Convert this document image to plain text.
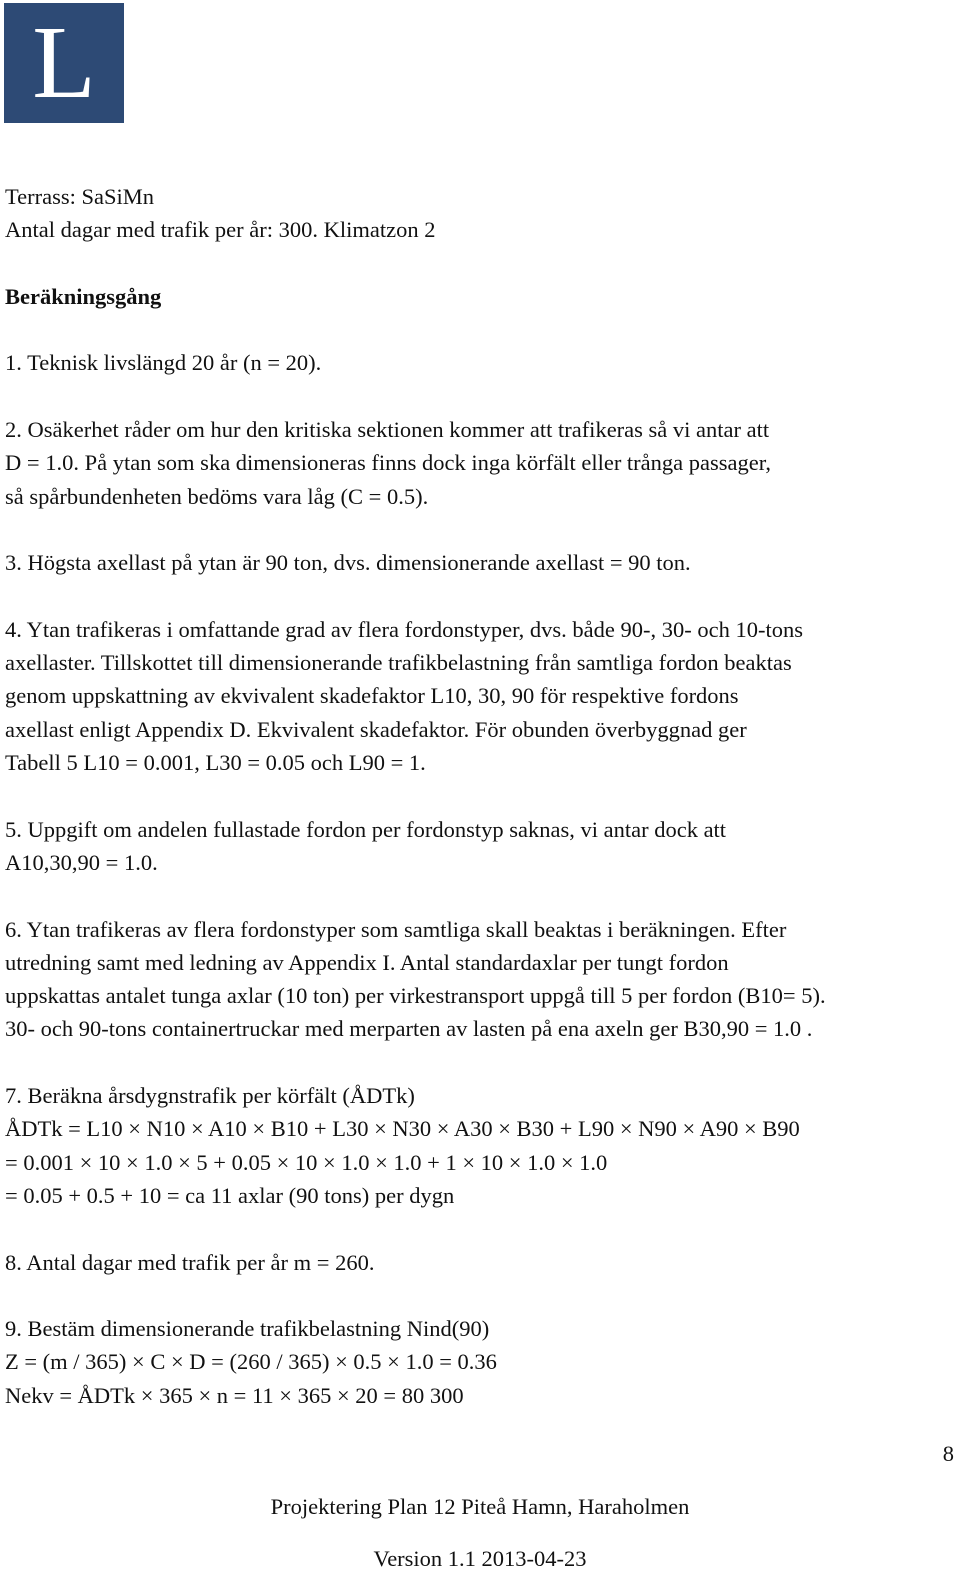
L

Terrass: SaSiMn
Antal dagar med trafik per år: 300. Klimatzon 2

Beräkningsgång

1. Teknisk livslängd 20 år (n = 20).

2. Osäkerhet råder om hur den kritiska sektionen kommer att trafikeras så vi antar att
D = 1.0. På ytan som ska dimensioneras finns dock inga körfält eller trånga passager,
så spårbundenheten bedöms vara låg (C = 0.5).

3. Högsta axellast på ytan är 90 ton, dvs. dimensionerande axellast = 90 ton.

4. Ytan trafikeras i omfattande grad av flera fordonstyper, dvs. både 90-, 30- och 10-tons
axellaster. Tillskottet till dimensionerande trafikbelastning från samtliga fordon beaktas
genom uppskattning av ekvivalent skadefaktor L10, 30, 90 för respektive fordons
axellast enligt Appendix D. Ekvivalent skadefaktor. För obunden överbyggnad ger
Tabell 5 L10 = 0.001, L30 = 0.05 och L90 = 1.

5. Uppgift om andelen fullastade fordon per fordonstyp saknas, vi antar dock att
A10,30,90 = 1.0.

6. Ytan trafikeras av flera fordonstyper som samtliga skall beaktas i beräkningen. Efter
utredning samt med ledning av Appendix I. Antal standardaxlar per tungt fordon
uppskattas antalet tunga axlar (10 ton) per virkestransport uppgå till 5 per fordon (B10= 5).
30- och 90-tons containertruckar med merparten av lasten på ena axeln ger B30,90 = 1.0 .

7. Beräkna årsdygnstrafik per körfält (ÅDTk)
ÅDTk = L10 × N10 × A10 × B10 + L30 × N30 × A30 × B30 + L90 × N90 × A90 × B90
= 0.001 × 10 × 1.0 × 5 + 0.05 × 10 × 1.0 × 1.0 + 1 × 10 × 1.0 × 1.0
= 0.05 + 0.5 + 10 = ca 11 axlar (90 tons) per dygn

8. Antal dagar med trafik per år m = 260.

9. Bestäm dimensionerande trafikbelastning Nind(90)
Z = (m / 365) × C × D = (260 / 365) × 0.5 × 1.0 = 0.36
Nekv = ÅDTk × 365 × n = 11 × 365 × 20 = 80 300

8
Projektering Plan 12 Piteå Hamn, Haraholmen
Version 1.1 2013-04-23
